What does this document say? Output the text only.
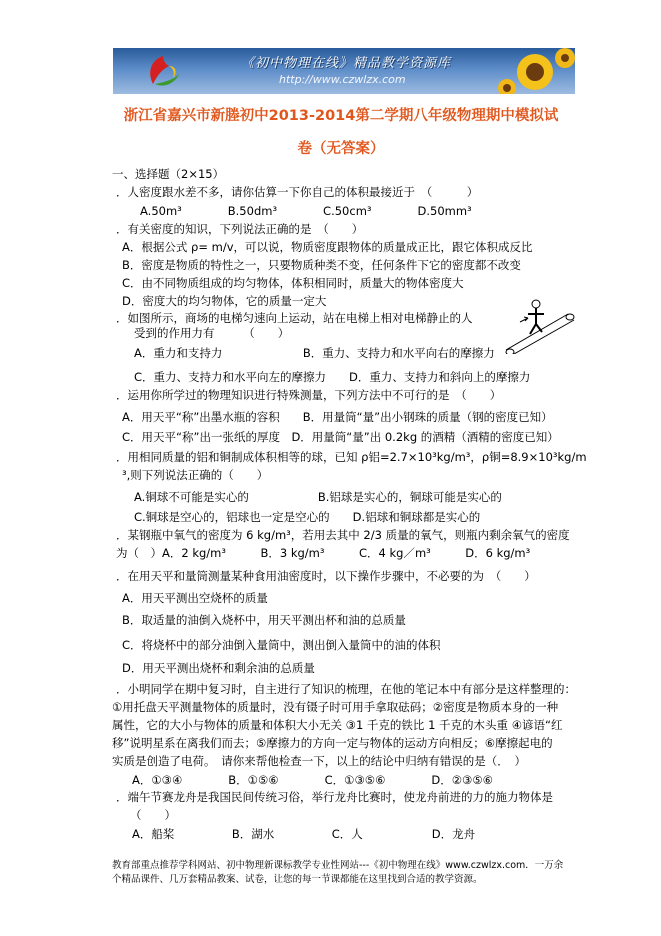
《初中物理在线》精品教学资源库
http://www.czwlzx.com
浙江省嘉兴市新塍初中2013-2014第二学期八年级物理期中模拟试
卷（无答案）
一、选择题（2×15）
．人密度跟水差不多，请你估算一下你自己的体积最接近于　（　　　）
A.50m³　　　　B.50dm³　　　　C.50cm³　　　　D.50mm³
．有关密度的知识，下列说法正确的是　（　　）
A．根据公式 ρ= m/v，可以说，物质密度跟物体的质量成正比，跟它体积成反比
B．密度是物质的特性之一，只要物质种类不变，任何条件下它的密度都不改变
C．由不同物质组成的均匀物体，体积相同时，质量大的物体密度大
D．密度大的均匀物体，它的质量一定大
．如图所示，商场的电梯匀速向上运动，站在电梯上相对电梯静止的人
受到的作用力有　　　（　　）
A．重力和支持力　　　　　　　B．重力、支持力和水平向右的摩擦力
C．重力、支持力和水平向左的摩擦力　　D．重力、支持力和斜向上的摩擦力
．运用你所学过的物理知识进行特殊测量，下列方法中不可行的是　（　　）
A．用天平“称”出墨水瓶的容积　　B．用量筒“量”出小钢珠的质量（钢的密度已知）
C．用天平“称”出一张纸的厚度　D．用量筒“量”出 0.2kg 的酒精（酒精的密度已知）
．用相同质量的铝和铜制成体积相等的球，已知 ρ铝=2.7×10³kg/m³，ρ铜=8.9×10³kg/m
³,则下列说法正确的（　　）
A.铜球不可能是实心的　　　　　　B.铝球是实心的，铜球可能是实心的
C.铜球是空心的，铝球也一定是空心的　　D.铝球和铜球都是实心的
．某钢瓶中氧气的密度为 6 kg/m³，若用去其中 2/3 质量的氧气，则瓶内剩余氧气的密度
为（　）A．2 kg/m³　　　B．3 kg/m³　　　C．4 kg／m³　　　D．6 kg/m³
．在用天平和量筒测量某种食用油密度时，以下操作步骤中，不必要的为　（　　）
A．用天平测出空烧杯的质量
B．取适量的油倒入烧杯中，用天平测出杯和油的总质量
C．将烧杯中的部分油倒入量筒中，测出倒入量筒中的油的体积
D．用天平测出烧杯和剩余油的总质量
．小明同学在期中复习时，自主进行了知识的梳理，在他的笔记本中有部分是这样整理的：
①用托盘天平测量物体的质量时，没有镊子时可用手拿取砝码；②密度是物质本身的一种
属性，它的大小与物体的质量和体积大小无关 ③1 千克的铁比 1 千克的木头重 ④谚语“红
移”说明星系在离我们而去；⑤摩擦力的方向一定与物体的运动方向相反；⑥摩擦起电的
实质是创造了电荷。　请你来帮他检查一下，以上的结论中归纳有错误的是（．　）
A．①③④　　　　B．①⑤⑥　　　　C．①③⑤⑥　　　　D．②③⑤⑥
．端午节赛龙舟是我国民间传统习俗，举行龙舟比赛时，使龙舟前进的力的施力物体是
（　　）
A．船桨　　　　　B．湖水　　　　　C．人　　　　　　D．龙舟
教育部重点推荐学科网站、初中物理新课标教学专业性网站---《初中物理在线》www.czwlzx.com．一万余
个精品课件、几万套精品教案、试卷，让您的每一节课都能在这里找到合适的教学资源。
